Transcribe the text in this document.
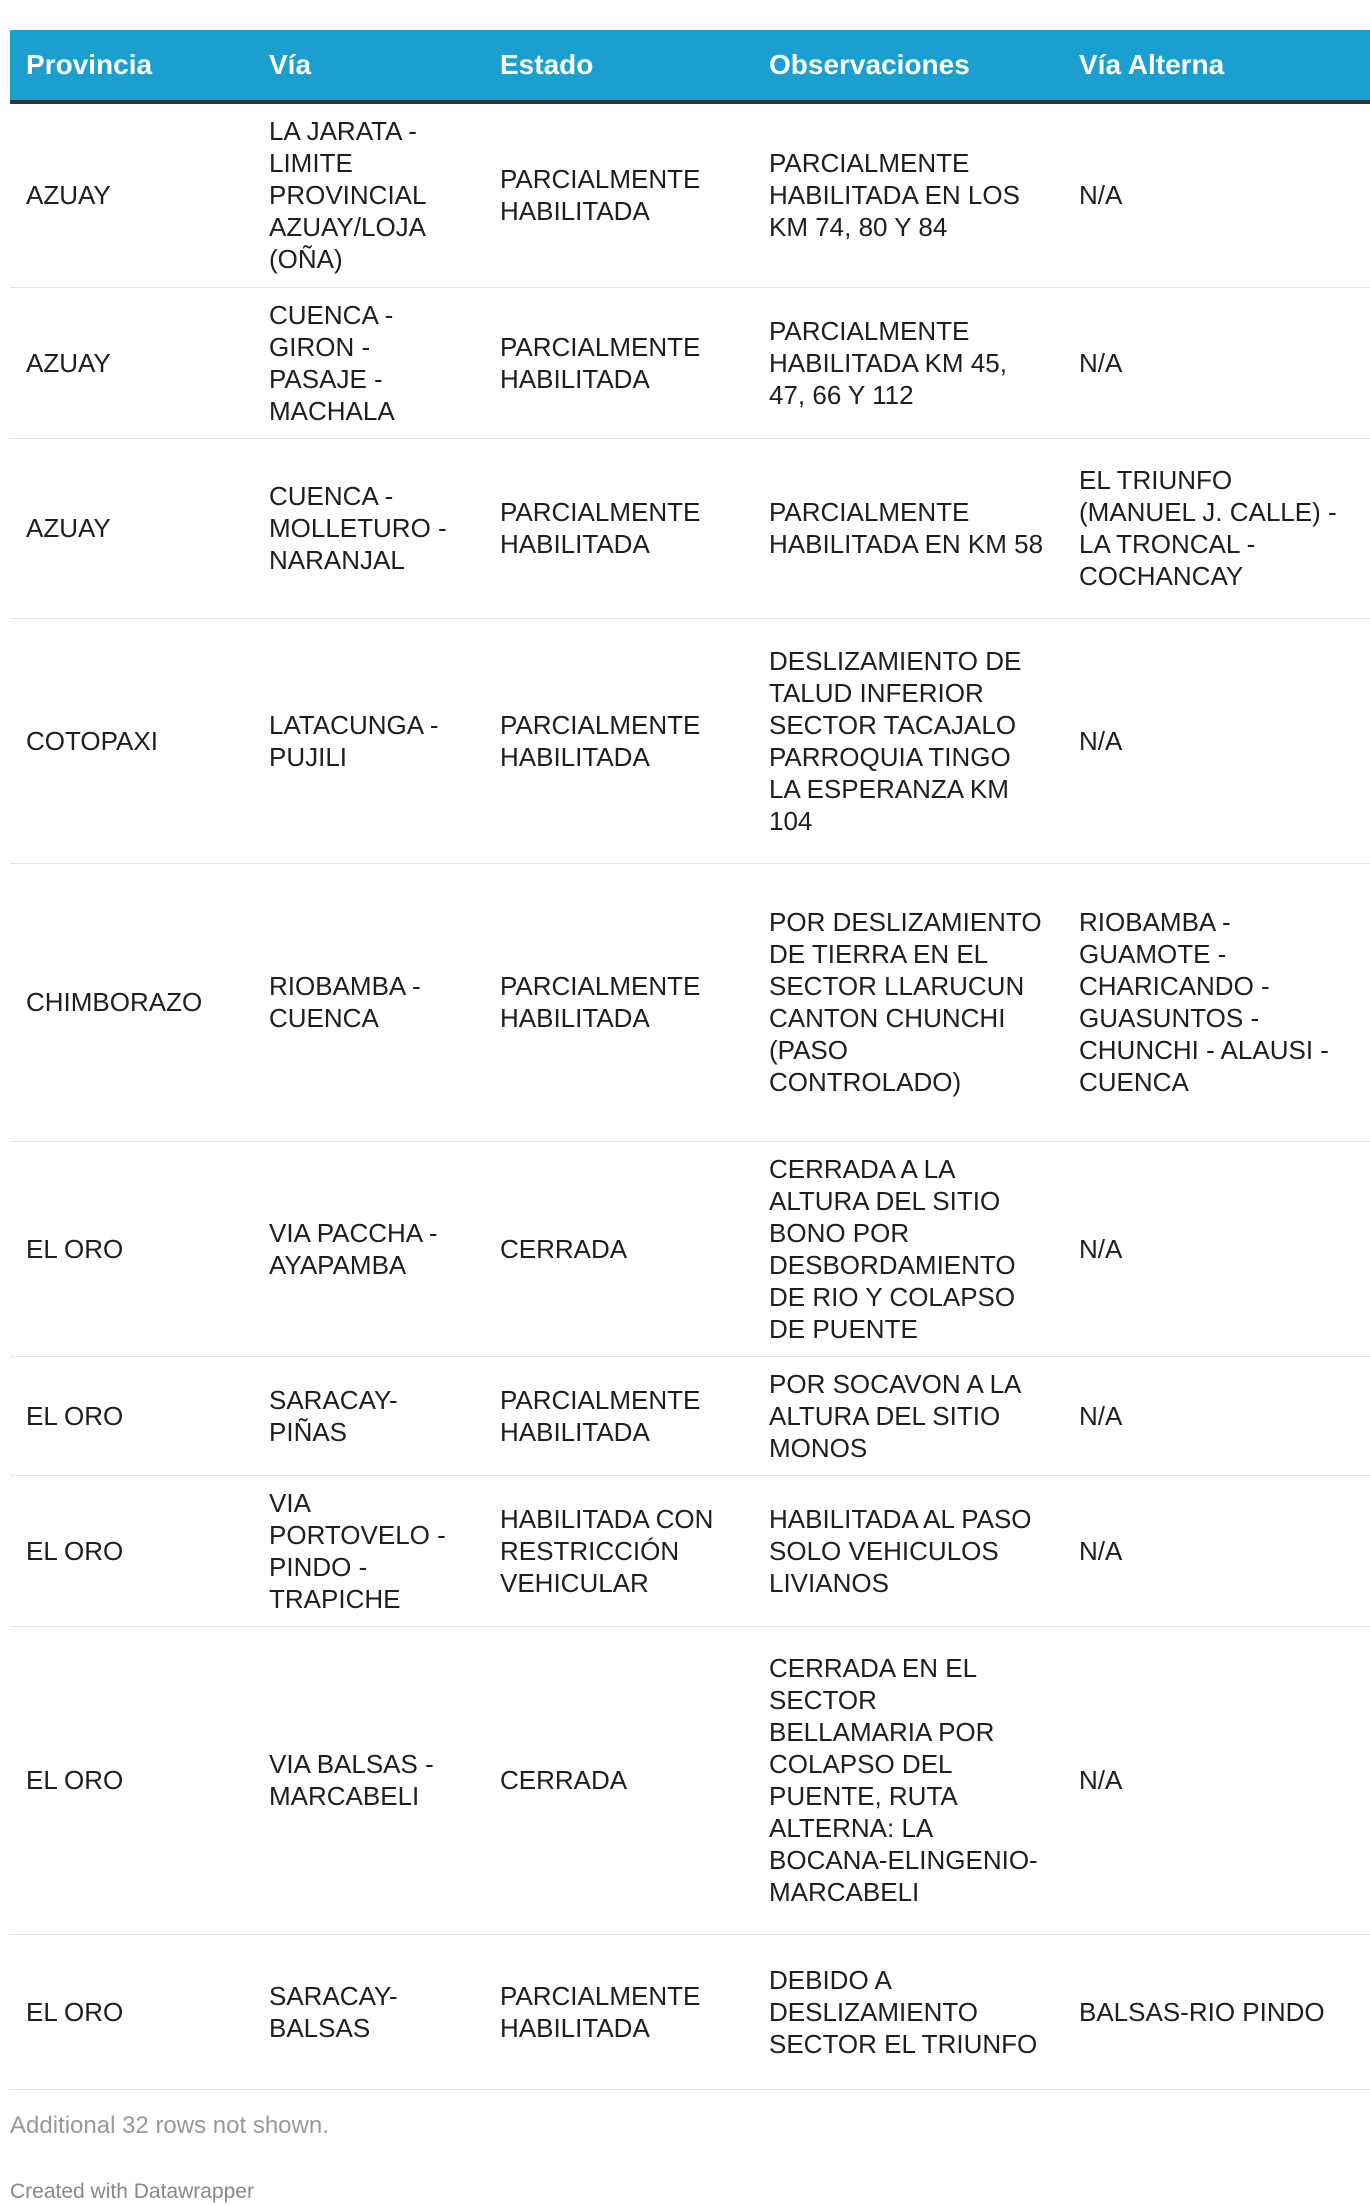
Provincia	Vía	Estado	Observaciones	Vía Alterna
AZUAY	LA JARATA - LIMITE PROVINCIAL AZUAY/LOJA (OÑA)	PARCIALMENTE HABILITADA	PARCIALMENTE HABILITADA EN LOS KM 74, 80 Y 84	N/A
AZUAY	CUENCA - GIRON - PASAJE - MACHALA	PARCIALMENTE HABILITADA	PARCIALMENTE HABILITADA KM 45, 47, 66 Y 112	N/A
AZUAY	CUENCA - MOLLETURO - NARANJAL	PARCIALMENTE HABILITADA	PARCIALMENTE HABILITADA EN KM 58	EL TRIUNFO (MANUEL J. CALLE) - LA TRONCAL - COCHANCAY
COTOPAXI	LATACUNGA - PUJILI	PARCIALMENTE HABILITADA	DESLIZAMIENTO DE TALUD INFERIOR SECTOR TACAJALO PARROQUIA TINGO LA ESPERANZA KM 104	N/A
CHIMBORAZO	RIOBAMBA - CUENCA	PARCIALMENTE HABILITADA	POR DESLIZAMIENTO DE TIERRA EN EL SECTOR LLARUCUN CANTON CHUNCHI (PASO CONTROLADO)	RIOBAMBA - GUAMOTE - CHARICANDO - GUASUNTOS - CHUNCHI - ALAUSI - CUENCA
EL ORO	VIA PACCHA - AYAPAMBA	CERRADA	CERRADA A LA ALTURA DEL SITIO BONO POR DESBORDAMIENTO DE RIO Y COLAPSO DE PUENTE	N/A
EL ORO	SARACAY-PIÑAS	PARCIALMENTE HABILITADA	POR SOCAVON A LA ALTURA DEL SITIO MONOS	N/A
EL ORO	VIA PORTOVELO - PINDO - TRAPICHE	HABILITADA CON RESTRICCIÓN VEHICULAR	HABILITADA AL PASO SOLO VEHICULOS LIVIANOS	N/A
EL ORO	VIA BALSAS - MARCABELI	CERRADA	CERRADA EN EL SECTOR BELLAMARIA POR COLAPSO DEL PUENTE, RUTA ALTERNA: LA BOCANA-ELINGENIO-MARCABELI	N/A
EL ORO	SARACAY-BALSAS	PARCIALMENTE HABILITADA	DEBIDO A DESLIZAMIENTO SECTOR EL TRIUNFO	BALSAS-RIO PINDO
Additional 32 rows not shown.
Created with Datawrapper
